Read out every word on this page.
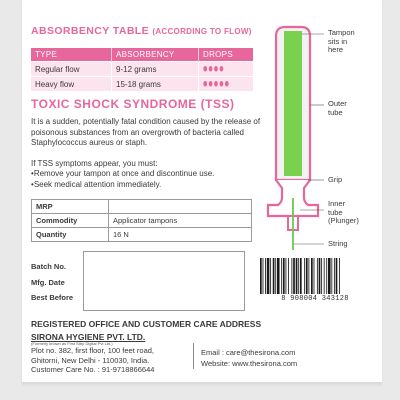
ABSORBENCY TABLE (ACCORDING TO FLOW)
TYPE	ABSORBENCY	DROPS
Regular flow	9-12 grams	⬮⬮⬮⬮
Heavy flow	15-18 grams	⬮⬮⬮⬮⬮
TOXIC SHOCK SYNDROME (TSS)
It is a sudden, potentially fatal condition caused by the release of poisonous substances from an overgrowth of bacteria called Staphylococcus aureus or staph.
If TSS symptoms appear, you must:
• Remove your tampon at once and discontinue use.
• Seek medical attention immediately.
MRP	
Commodity	Applicator tampons
Quantity	16 N
Batch No.
Mfg. Date
Best Before	8 908004 343128
Tampon
sits in
here
Outer
tube
Grip
Inner
tube
(Plunger)
String
REGISTERED OFFICE AND CUSTOMER CARE ADDRESS
SIRONA HYGIENE PVT. LTD.
(Formerly known as First Step Digital Pvt Ltd.)
Plot no. 382, first floor, 100 feet road,
Ghitorni, New Delhi - 110030, India.
Customer Care No. : 91-9718866644
Email : care@thesirona.com
Website: www.thesirona.com
